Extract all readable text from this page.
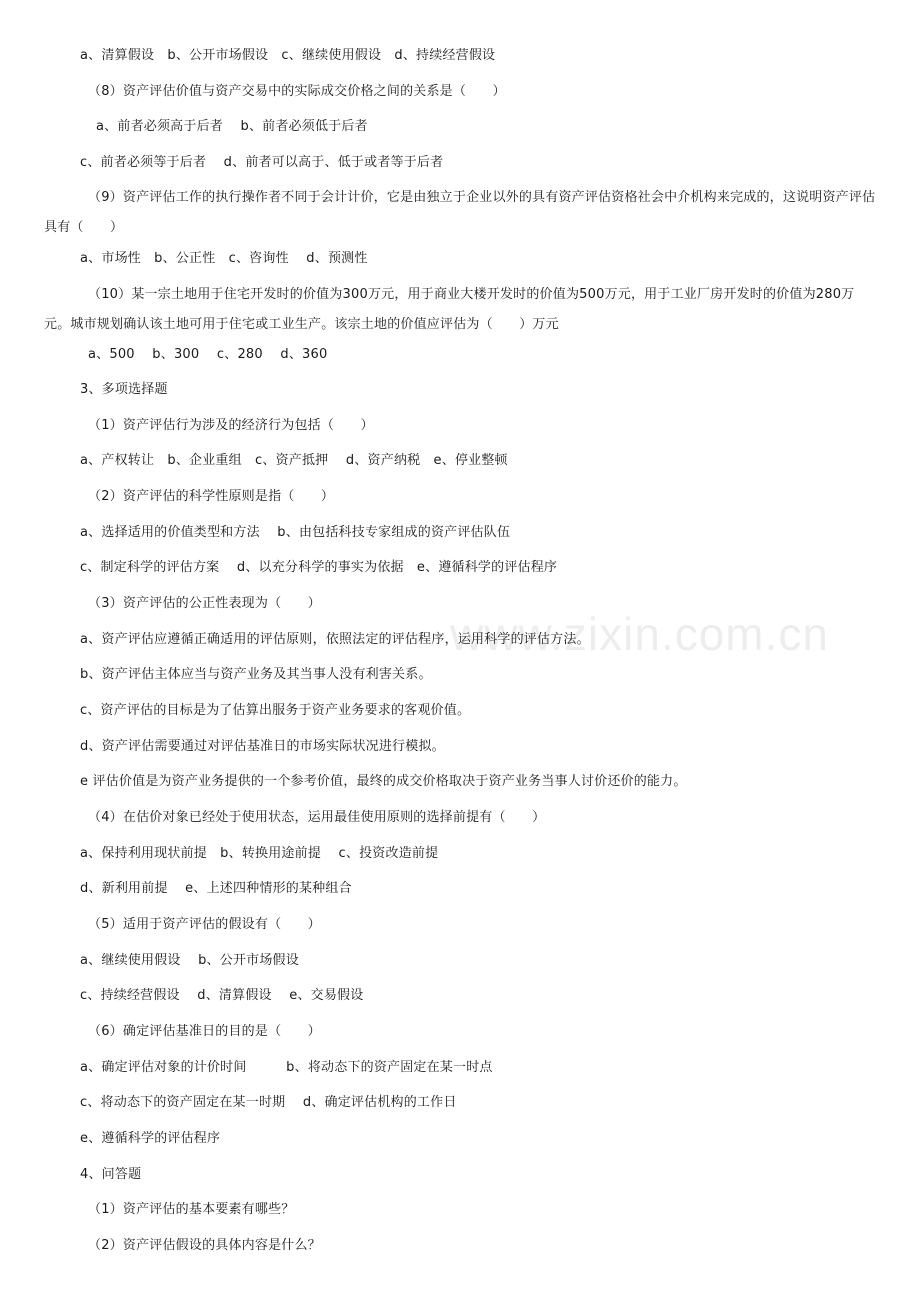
a、清算假设　b、公开市场假设　c、继续使用假设　d、持续经营假设
（8）资产评估价值与资产交易中的实际成交价格之间的关系是（　　）
a、前者必须高于后者　 b、前者必须低于后者
c、前者必须等于后者　 d、前者可以高于、低于或者等于后者
（9）资产评估工作的执行操作者不同于会计计价，它是由独立于企业以外的具有资产评估资格社会中介机构来完成的，这说明资产评估具有（　　）
a、市场性　b、公正性　c、咨询性　 d、预测性
（10）某一宗土地用于住宅开发时的价值为300万元，用于商业大楼开发时的价值为500万元，用于工业厂房开发时的价值为280万元。城市规划确认该土地可用于住宅或工业生产。该宗土地的价值应评估为（　　）万元
a、500　 b、300　 c、280　 d、360
3、多项选择题
（1）资产评估行为涉及的经济行为包括（　　）
a、产权转让　b、企业重组　c、资产抵押　 d、资产纳税　e、停业整顿
（2）资产评估的科学性原则是指（　　）
a、选择适用的价值类型和方法　 b、由包括科技专家组成的资产评估队伍
c、制定科学的评估方案　 d、以充分科学的事实为依据　e、遵循科学的评估程序
（3）资产评估的公正性表现为（　　）
a、资产评估应遵循正确适用的评估原则，依照法定的评估程序，运用科学的评估方法。
b、资产评估主体应当与资产业务及其当事人没有利害关系。
c、资产评估的目标是为了估算出服务于资产业务要求的客观价值。
d、资产评估需要通过对评估基准日的市场实际状况进行模拟。
e 评估价值是为资产业务提供的一个参考价值，最终的成交价格取决于资产业务当事人讨价还价的能力。
（4）在估价对象已经处于使用状态，运用最佳使用原则的选择前提有（　　）
a、保持利用现状前提　b、转换用途前提　 c、投资改造前提
d、新利用前提　 e、上述四种情形的某种组合
（5）适用于资产评估的假设有（　　）
a、继续使用假设　 b、公开市场假设
c、持续经营假设　 d、清算假设　 e、交易假设
（6）确定评估基准日的目的是（　　）
a、确定评估对象的计价时间　　　b、将动态下的资产固定在某一时点
c、将动态下的资产固定在某一时期　 d、确定评估机构的工作日
e、遵循科学的评估程序
4、问答题
（1）资产评估的基本要素有哪些？
（2）资产评估假设的具体内容是什么？
www.zixin.com.cn
